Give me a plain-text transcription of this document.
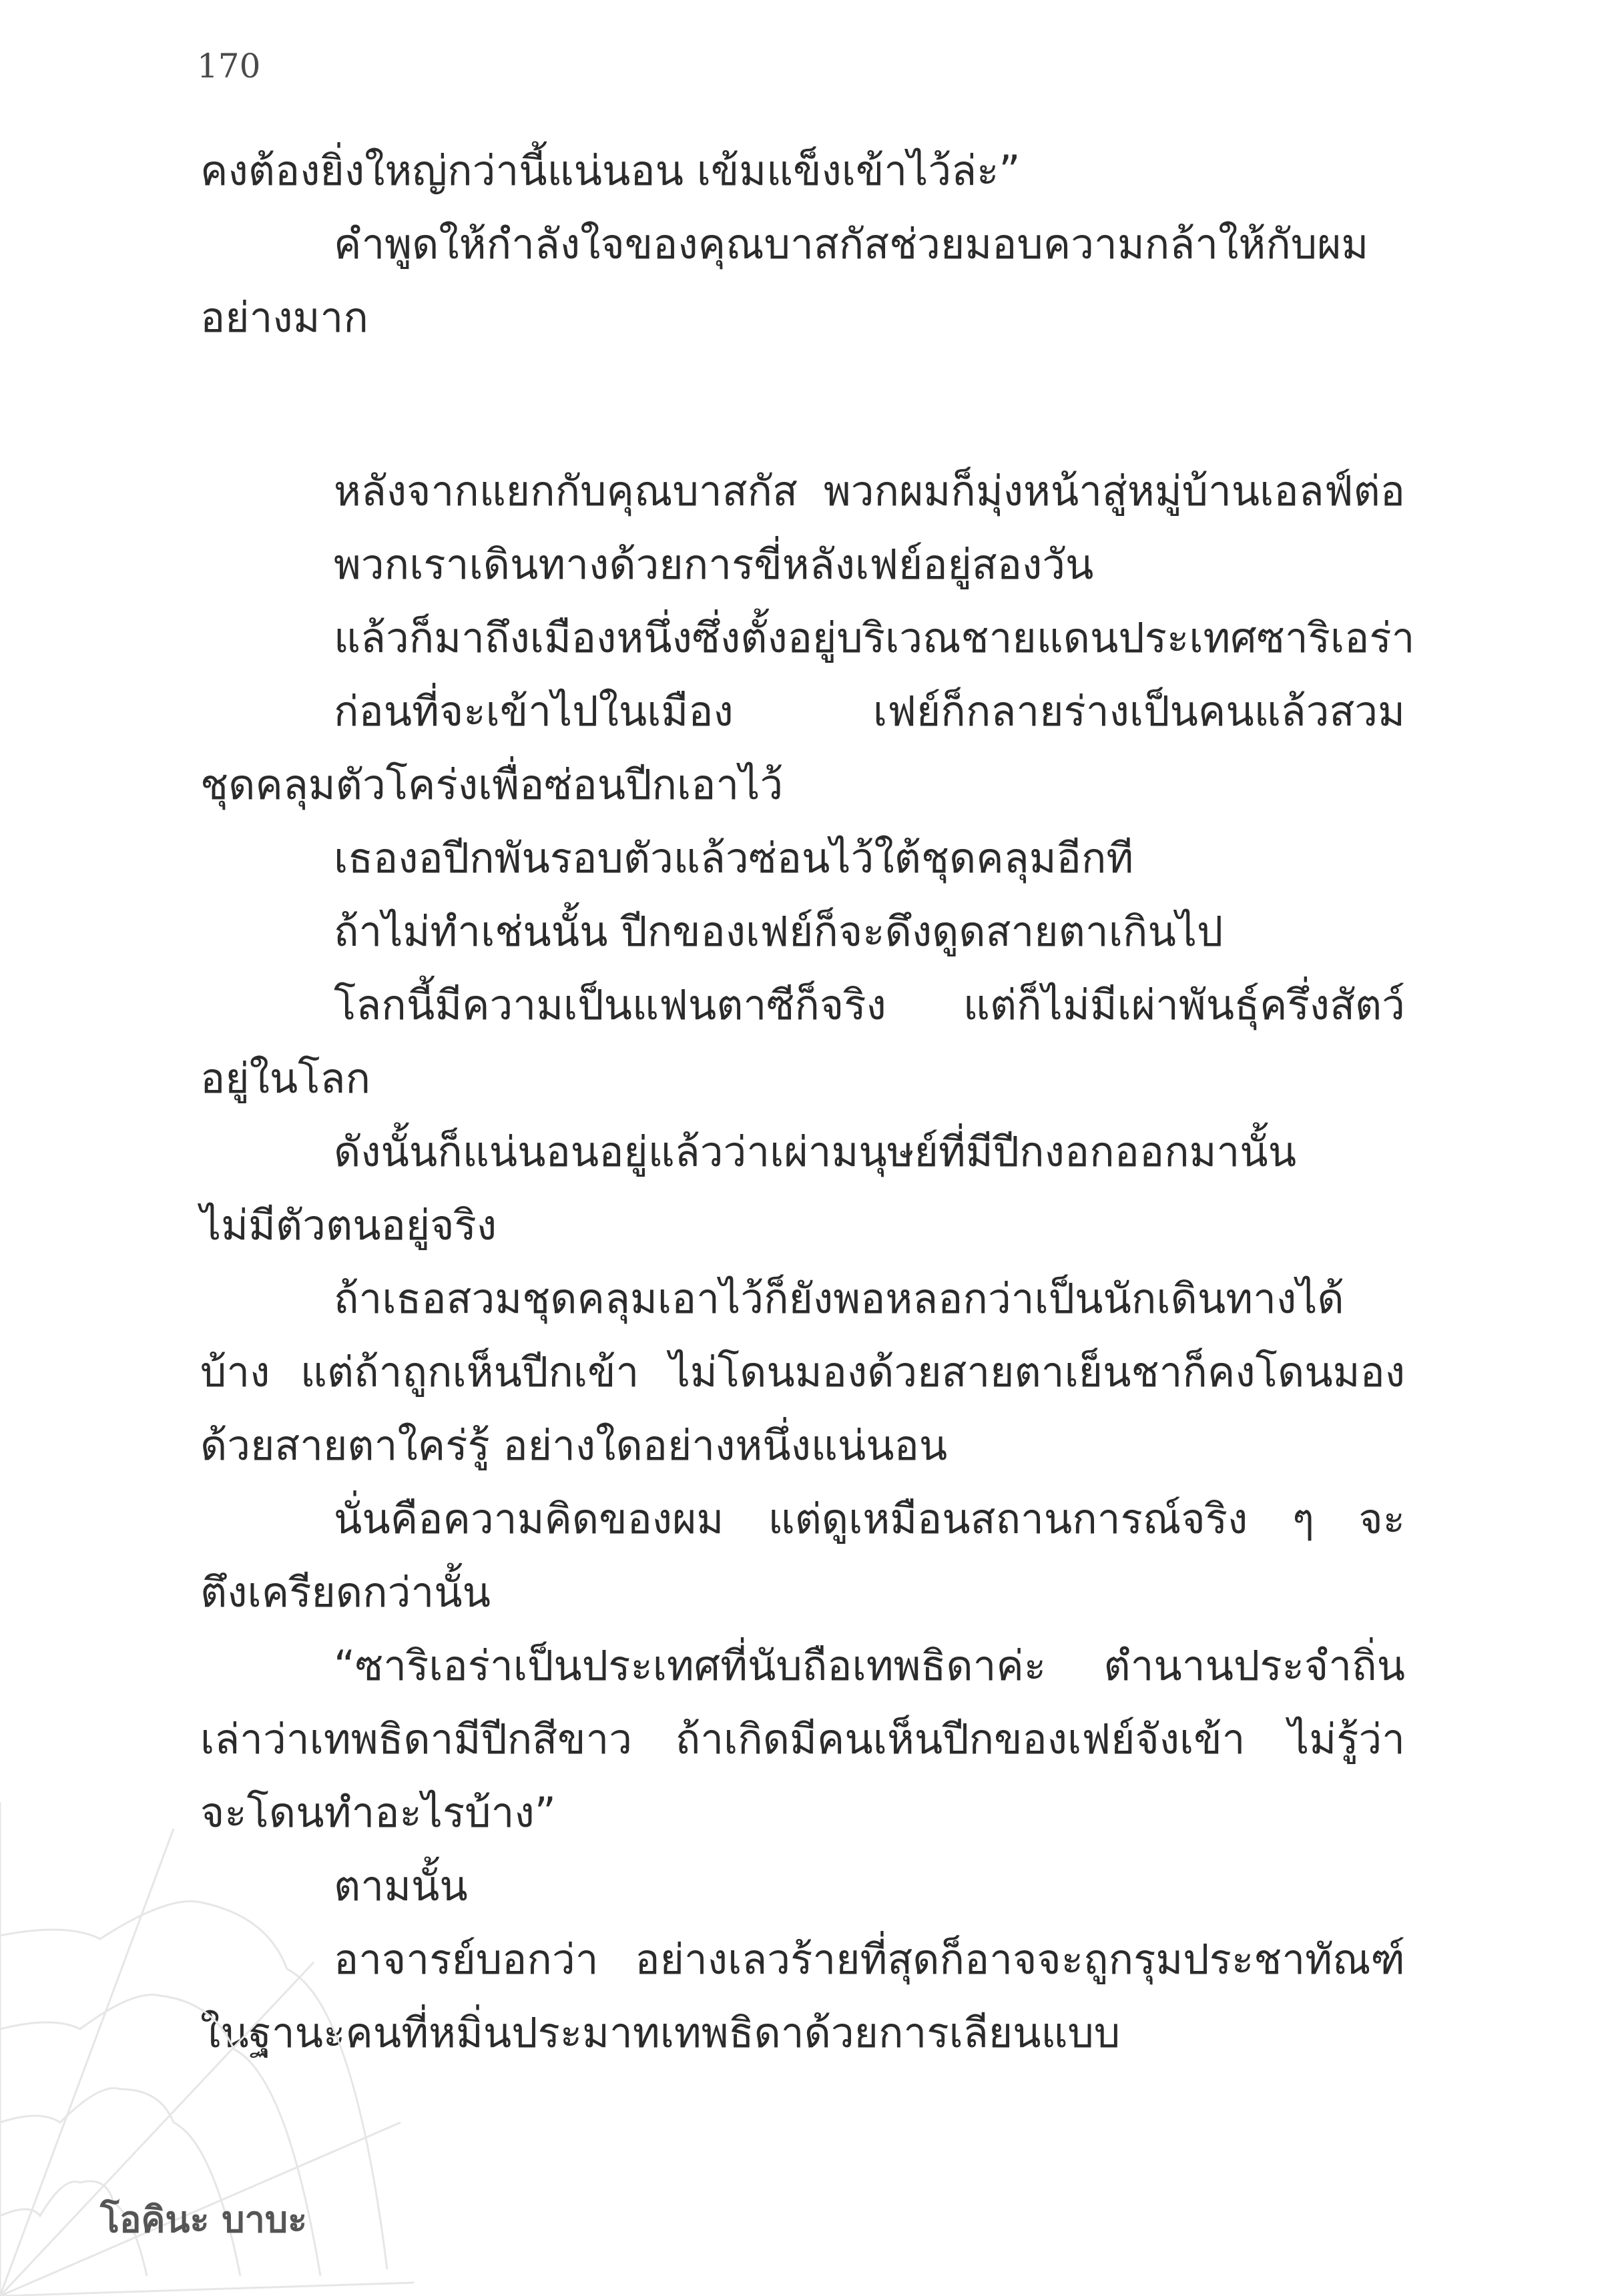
170
คงต้องยิ่งใหญ่กว่านี้แน่นอน เข้มแข็งเข้าไว้ล่ะ”
คำพูดให้กำลังใจของคุณบาสกัสช่วยมอบความกล้าให้กับผม
อย่างมาก
หลังจากแยกกับคุณบาสกัส พวกผมก็มุ่งหน้าสู่หมู่บ้านเอลฟ์ต่อ
พวกเราเดินทางด้วยการขี่หลังเฟย์อยู่สองวัน
แล้วก็มาถึงเมืองหนึ่งซึ่งตั้งอยู่บริเวณชายแดนประเทศซาริเอร่า
ก่อนที่จะเข้าไปในเมือง เฟย์ก็กลายร่างเป็นคนแล้วสวม
ชุดคลุมตัวโคร่งเพื่อซ่อนปีกเอาไว้
เธองอปีกพันรอบตัวแล้วซ่อนไว้ใต้ชุดคลุมอีกที
ถ้าไม่ทำเช่นนั้น ปีกของเฟย์ก็จะดึงดูดสายตาเกินไป
โลกนี้มีความเป็นแฟนตาซีก็จริง แต่ก็ไม่มีเผ่าพันธุ์ครึ่งสัตว์
อยู่ในโลก
ดังนั้นก็แน่นอนอยู่แล้วว่าเผ่ามนุษย์ที่มีปีกงอกออกมานั้น
ไม่มีตัวตนอยู่จริง
ถ้าเธอสวมชุดคลุมเอาไว้ก็ยังพอหลอกว่าเป็นนักเดินทางได้
บ้าง แต่ถ้าถูกเห็นปีกเข้า ไม่โดนมองด้วยสายตาเย็นชาก็คงโดนมอง
ด้วยสายตาใคร่รู้ อย่างใดอย่างหนึ่งแน่นอน
นั่นคือความคิดของผม แต่ดูเหมือนสถานการณ์จริง ๆ จะ
ตึงเครียดกว่านั้น
“ซาริเอร่าเป็นประเทศที่นับถือเทพธิดาค่ะ ตำนานประจำถิ่น
เล่าว่าเทพธิดามีปีกสีขาว ถ้าเกิดมีคนเห็นปีกของเฟย์จังเข้า ไม่รู้ว่า
จะโดนทำอะไรบ้าง”
ตามนั้น
อาจารย์บอกว่า อย่างเลวร้ายที่สุดก็อาจจะถูกรุมประชาทัณฑ์
ในฐานะคนที่หมิ่นประมาทเทพธิดาด้วยการเลียนแบบ
โอคินะ บาบะ
